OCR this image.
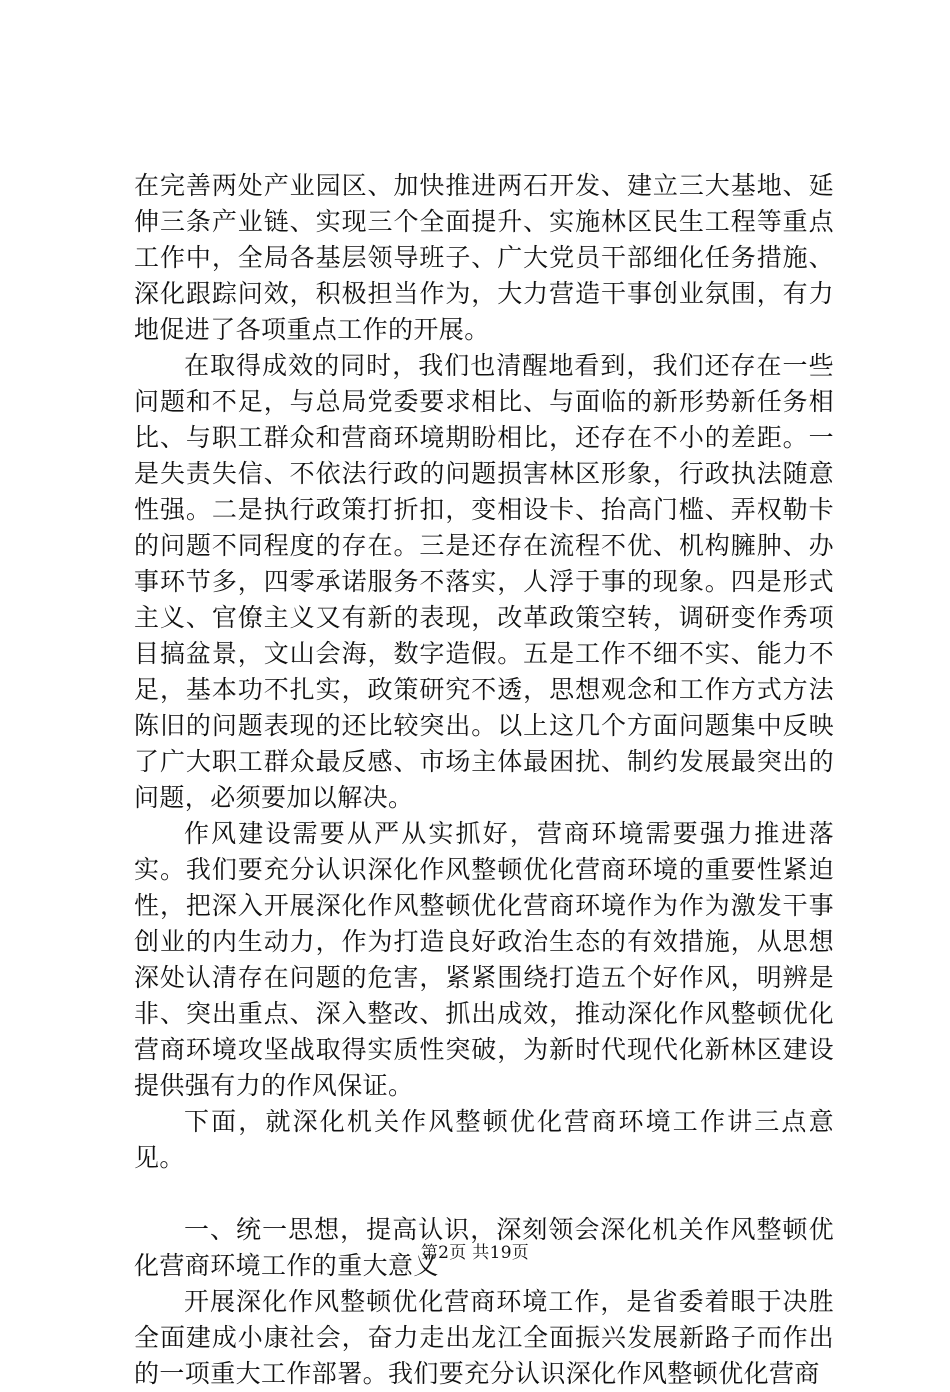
在完善两处产业园区、加快推进两石开发、建立三大基地、延伸三条产业链、实现三个全面提升、实施林区民生工程等重点工作中，全局各基层领导班子、广大党员干部细化任务措施、深化跟踪问效，积极担当作为，大力营造干事创业氛围，有力地促进了各项重点工作的开展。

在取得成效的同时，我们也清醒地看到，我们还存在一些问题和不足，与总局党委要求相比、与面临的新形势新任务相比、与职工群众和营商环境期盼相比，还存在不小的差距。一是失责失信、不依法行政的问题损害林区形象，行政执法随意性强。二是执行政策打折扣，变相设卡、抬高门槛、弄权勒卡的问题不同程度的存在。三是还存在流程不优、机构臃肿、办事环节多，四零承诺服务不落实，人浮于事的现象。四是形式主义、官僚主义又有新的表现，改革政策空转，调研变作秀项目搞盆景，文山会海，数字造假。五是工作不细不实、能力不足，基本功不扎实，政策研究不透，思想观念和工作方式方法陈旧的问题表现的还比较突出。以上这几个方面问题集中反映了广大职工群众最反感、市场主体最困扰、制约发展最突出的问题，必须要加以解决。

作风建设需要从严从实抓好，营商环境需要强力推进落实。我们要充分认识深化作风整顿优化营商环境的重要性紧迫性，把深入开展深化作风整顿优化营商环境作为作为激发干事创业的内生动力，作为打造良好政治生态的有效措施，从思想深处认清存在问题的危害，紧紧围绕打造五个好作风，明辨是非、突出重点、深入整改、抓出成效，推动深化作风整顿优化营商环境攻坚战取得实质性突破，为新时代现代化新林区建设提供强有力的作风保证。

下面，就深化机关作风整顿优化营商环境工作讲三点意见。

一、统一思想，提高认识，深刻领会深化机关作风整顿优化营商环境工作的重大意义

开展深化作风整顿优化营商环境工作，是省委着眼于决胜全面建成小康社会，奋力走出龙江全面振兴发展新路子而作出的一项重大工作部署。我们要充分认识深化作风整顿优化营商

第2页 共19页
